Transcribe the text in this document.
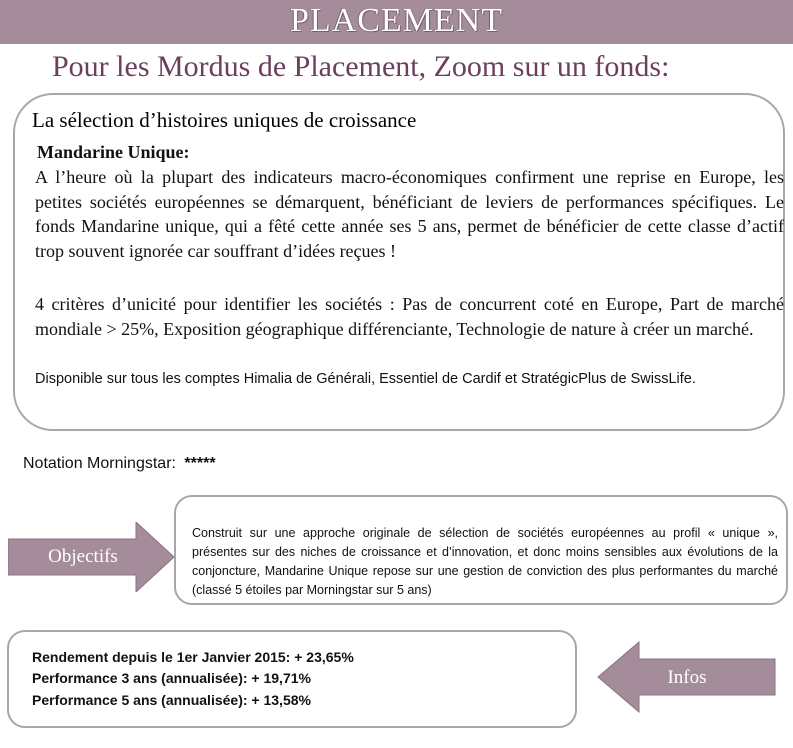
PLACEMENT
Pour les Mordus de Placement, Zoom sur un fonds:
La sélection d’histoires uniques de croissance
Mandarine Unique:
A l’heure où la plupart des indicateurs macro-économiques confirment une reprise en Europe, les petites sociétés européennes se démarquent, bénéficiant de leviers de performances spécifiques. Le fonds Mandarine unique, qui a fêté cette année ses 5 ans, permet de bénéficier de cette classe d’actif trop souvent ignorée car souffrant d’idées reçues !
4 critères d’unicité pour identifier les sociétés : Pas de concurrent coté en Europe, Part de marché mondiale > 25%, Exposition géographique différenciante, Technologie de nature à créer un marché.
Disponible sur tous les comptes Himalia de Générali, Essentiel de Cardif et StratégicPlus de SwissLife.
Notation Morningstar: *****
Objectifs
Construit sur une approche originale de sélection de sociétés européennes au profil « unique », présentes sur des niches de croissance et d’innovation, et donc moins sensibles aux évolutions de la conjoncture, Mandarine Unique repose sur une gestion de conviction des plus performantes du marché (classé 5 étoiles par Morningstar sur 5 ans)
Rendement depuis le 1er Janvier 2015: + 23,65%
Performance 3 ans (annualisée): + 19,71%
Performance 5 ans (annualisée): + 13,58%
Infos
